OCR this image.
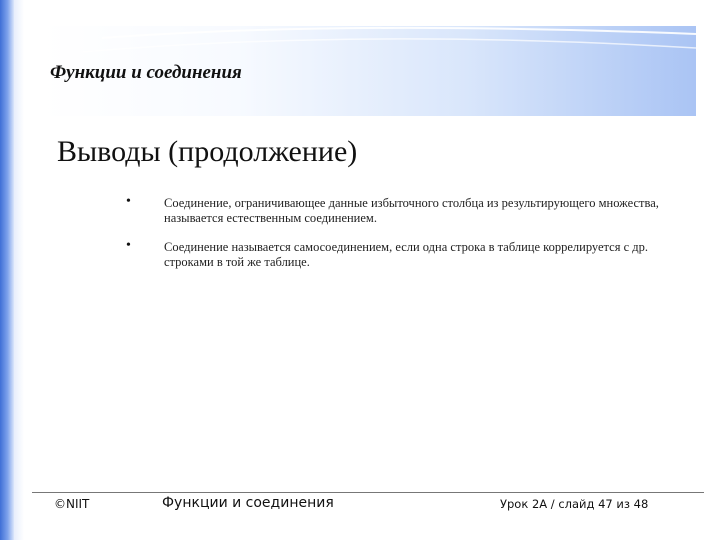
Функции и соединения
Выводы (продолжение)
•	Соединение, ограничивающее данные избыточного столбца из результирующего множества, называется естественным соединением.
•	Соединение называется самосоединением, если одна строка в таблице коррелируется с др. строками в той же таблице.
©NIIT	Функции и соединения	Урок 2A / слайд 47 из 48
